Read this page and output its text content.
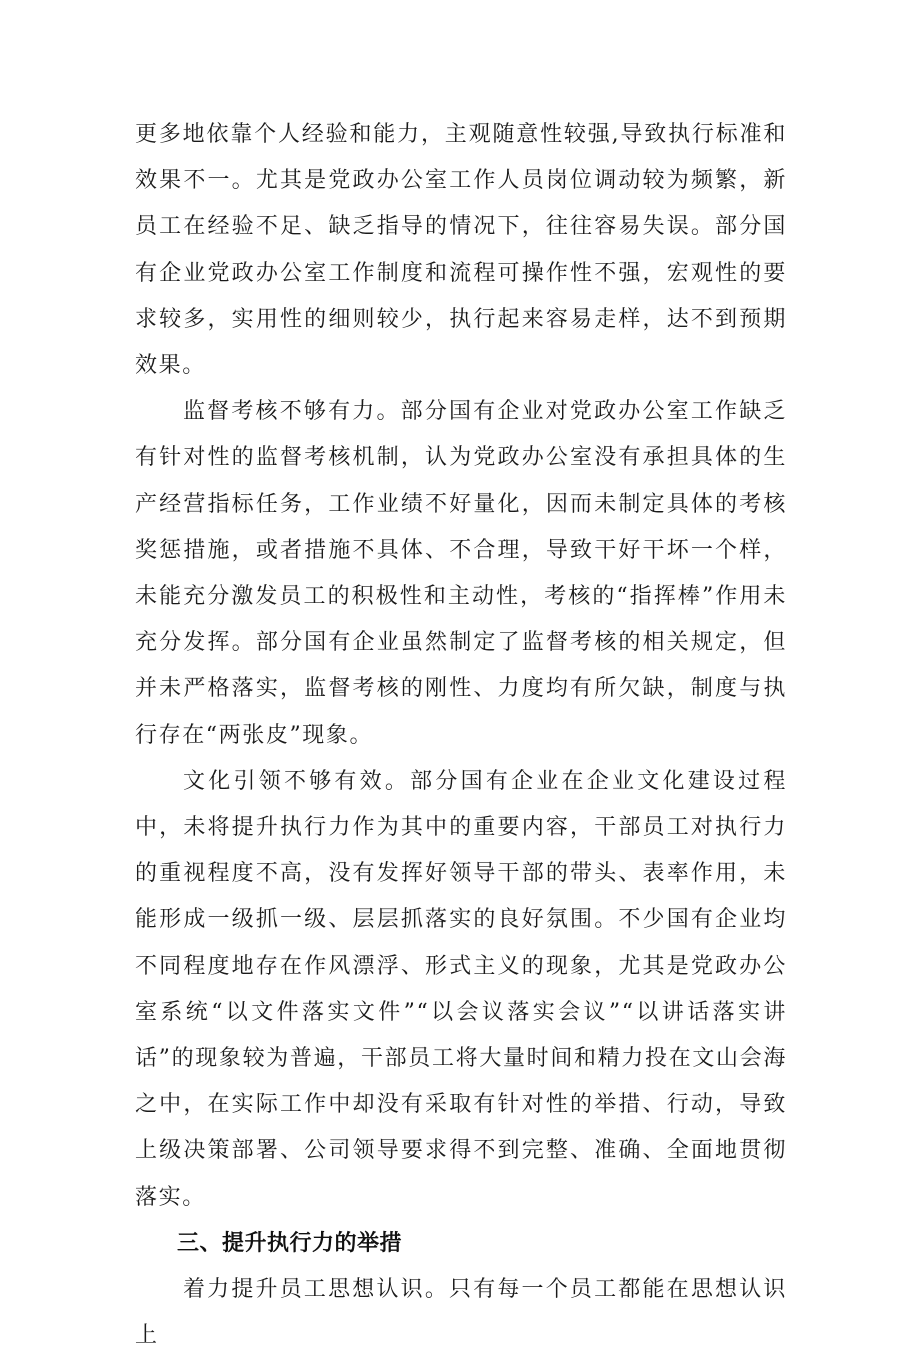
更多地依靠个人经验和能力，主观随意性较强,导致执行标准和效果不一。尤其是党政办公室工作人员岗位调动较为频繁，新员工在经验不足、缺乏指导的情况下，往往容易失误。部分国有企业党政办公室工作制度和流程可操作性不强，宏观性的要求较多，实用性的细则较少，执行起来容易走样，达不到预期效果。

监督考核不够有力。部分国有企业对党政办公室工作缺乏有针对性的监督考核机制，认为党政办公室没有承担具体的生产经营指标任务，工作业绩不好量化，因而未制定具体的考核奖惩措施，或者措施不具体、不合理，导致干好干坏一个样，未能充分激发员工的积极性和主动性，考核的“指挥棒”作用未充分发挥。部分国有企业虽然制定了监督考核的相关规定，但并未严格落实，监督考核的刚性、力度均有所欠缺，制度与执行存在“两张皮”现象。

文化引领不够有效。部分国有企业在企业文化建设过程中，未将提升执行力作为其中的重要内容，干部员工对执行力的重视程度不高，没有发挥好领导干部的带头、表率作用，未能形成一级抓一级、层层抓落实的良好氛围。不少国有企业均不同程度地存在作风漂浮、形式主义的现象，尤其是党政办公室系统“以文件落实文件”“以会议落实会议”“以讲话落实讲话”的现象较为普遍，干部员工将大量时间和精力投在文山会海之中，在实际工作中却没有采取有针对性的举措、行动，导致上级决策部署、公司领导要求得不到完整、准确、全面地贯彻落实。

三、提升执行力的举措

着力提升员工思想认识。只有每一个员工都能在思想认识上
